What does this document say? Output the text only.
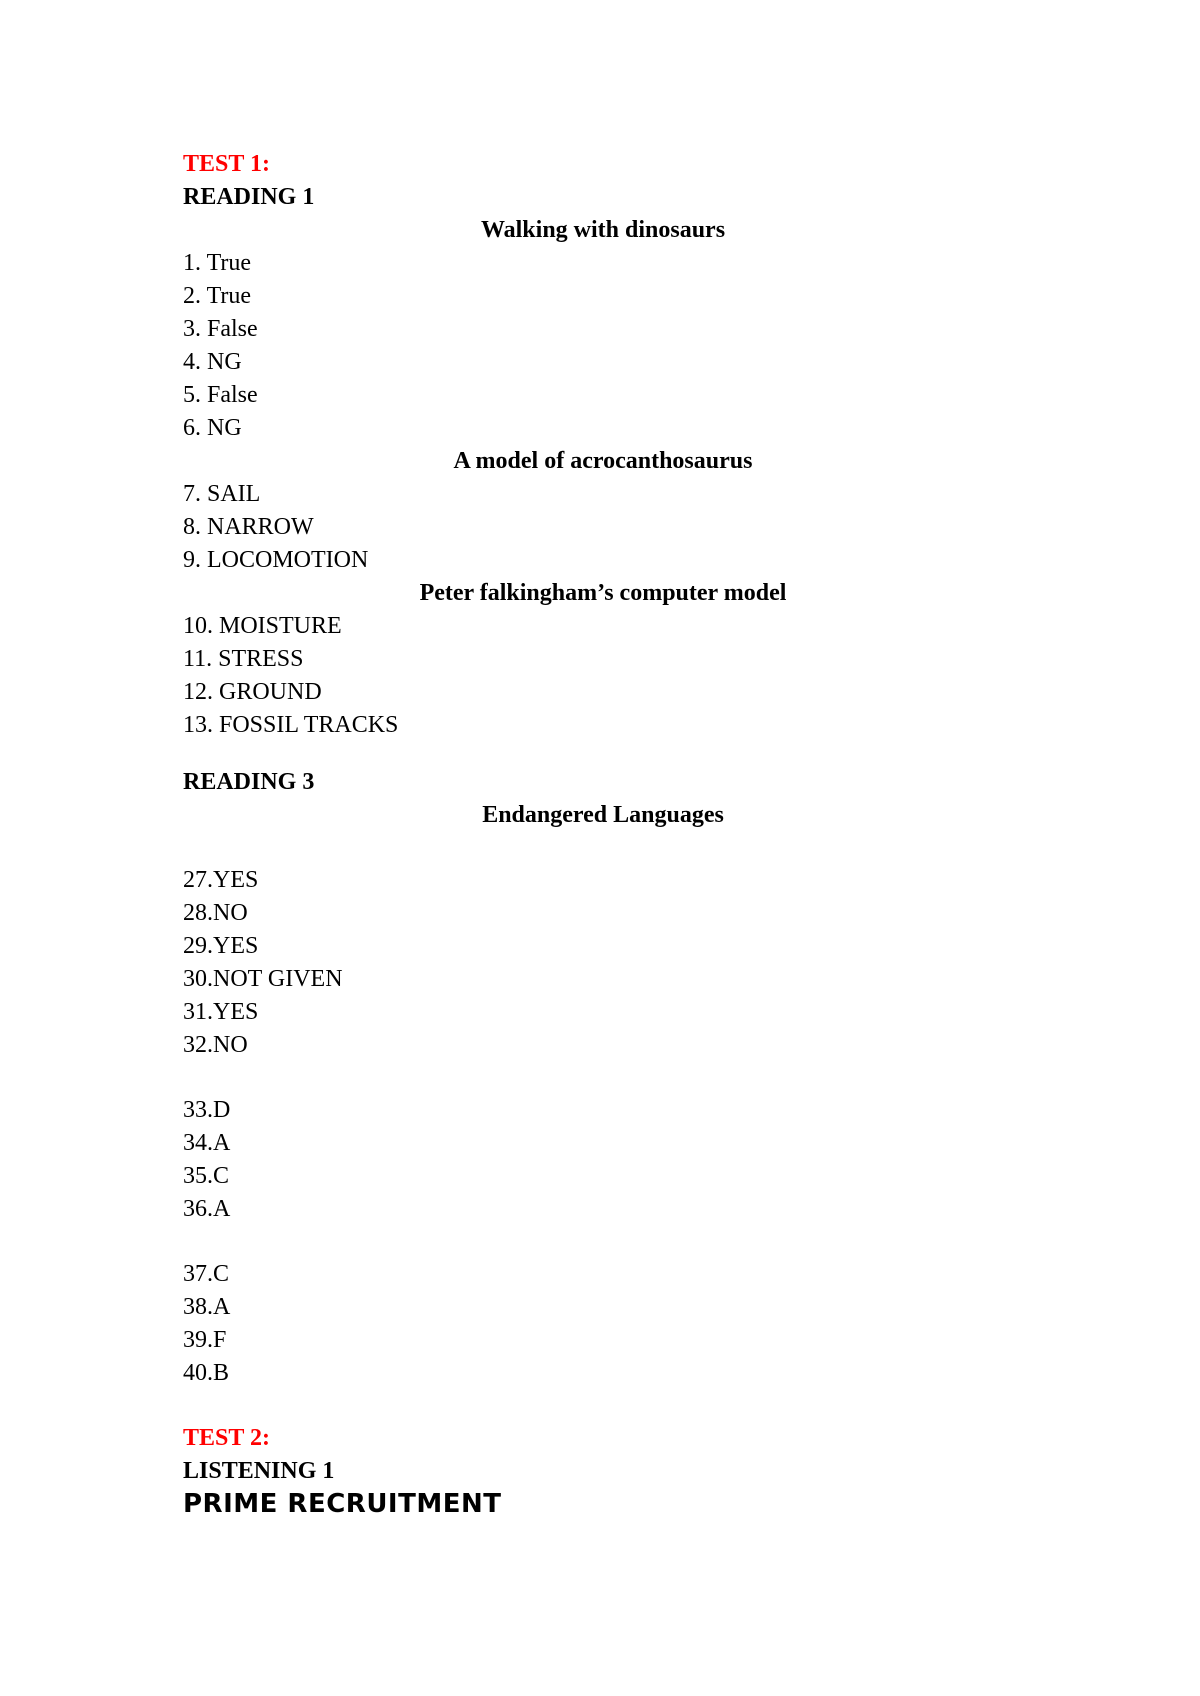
TEST 1:
READING 1
Walking with dinosaurs
1. True
2. True
3. False
4. NG
5. False
6. NG
A model of acrocanthosaurus
7. SAIL
8. NARROW
9. LOCOMOTION
Peter falkingham’s computer model
10. MOISTURE
11. STRESS
12. GROUND
13. FOSSIL TRACKS
READING 3
Endangered Languages
27.YES
28.NO
29.YES
30.NOT GIVEN
31.YES
32.NO
33.D
34.A
35.C
36.A
37.C
38.A
39.F
40.B
TEST 2:
LISTENING 1
PRIME RECRUITMENT
